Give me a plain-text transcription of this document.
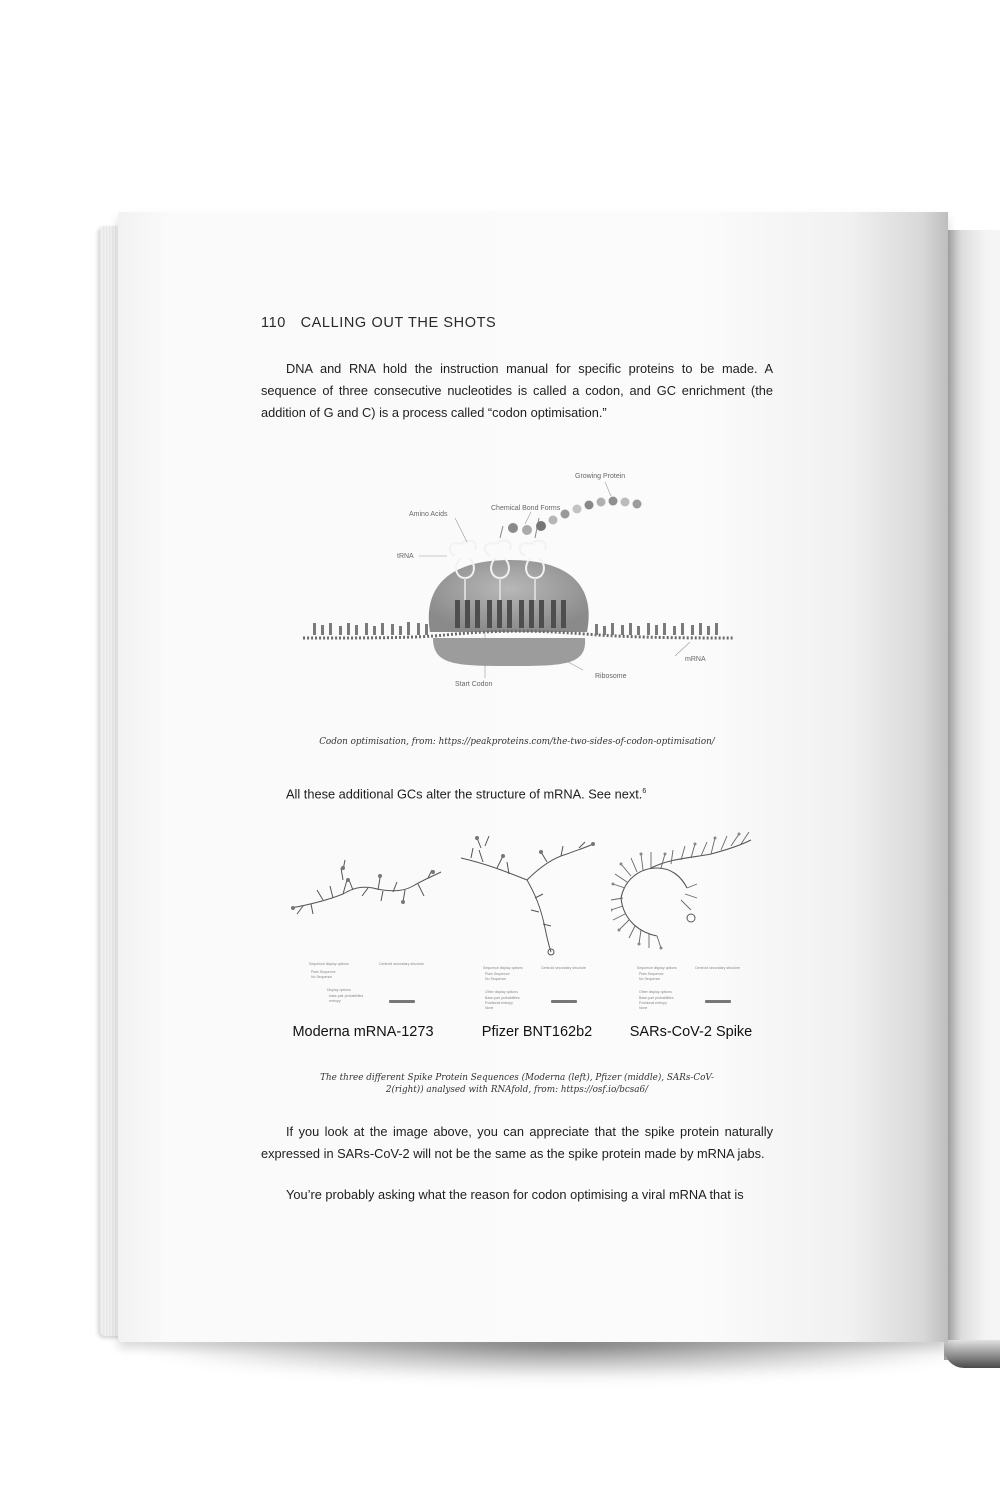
110 CALLING OUT THE SHOTS
DNA and RNA hold the instruction manual for specific proteins to be made. A sequence of three consecutive nucleotides is called a codon, and GC enrichment (the addition of G and C) is a process called “codon optimisation.”
Growing Protein
Chemical Bond Forms
Amino Acids
tRNA
mRNA
Ribosome
Start Codon
Codon optimisation, from: https://peakproteins.com/the-two-sides-of-codon-optimisation/
All these additional GCs alter the structure of mRNA. See next.$^6$
Sequence display options	Centroid secondary structure
Plain Sequence
No Sequence
Display options
base-pair probabilities
entropy
Moderna mRNA-1273
Sequence display options	Centroid secondary structure
Plain Sequence
No Sequence
Other display options
Base-pair probabilities
Positional entropy
None
Pfizer BNT162b2
Sequence display options	Centroid secondary structure
Plain Sequence
No Sequence
Other display options
Base-pair probabilities
Positional entropy
None
SARs-CoV-2 Spike
The three different Spike Protein Sequences (Moderna (left), Pfizer (middle), SARs-CoV-
2(right)) analysed with RNAfold, from: https://osf.io/bcsa6/
If you look at the image above, you can appreciate that the spike protein naturally expressed in SARs-CoV-2 will not be the same as the spike protein made by mRNA jabs.
You’re probably asking what the reason for codon optimising a viral mRNA that is
